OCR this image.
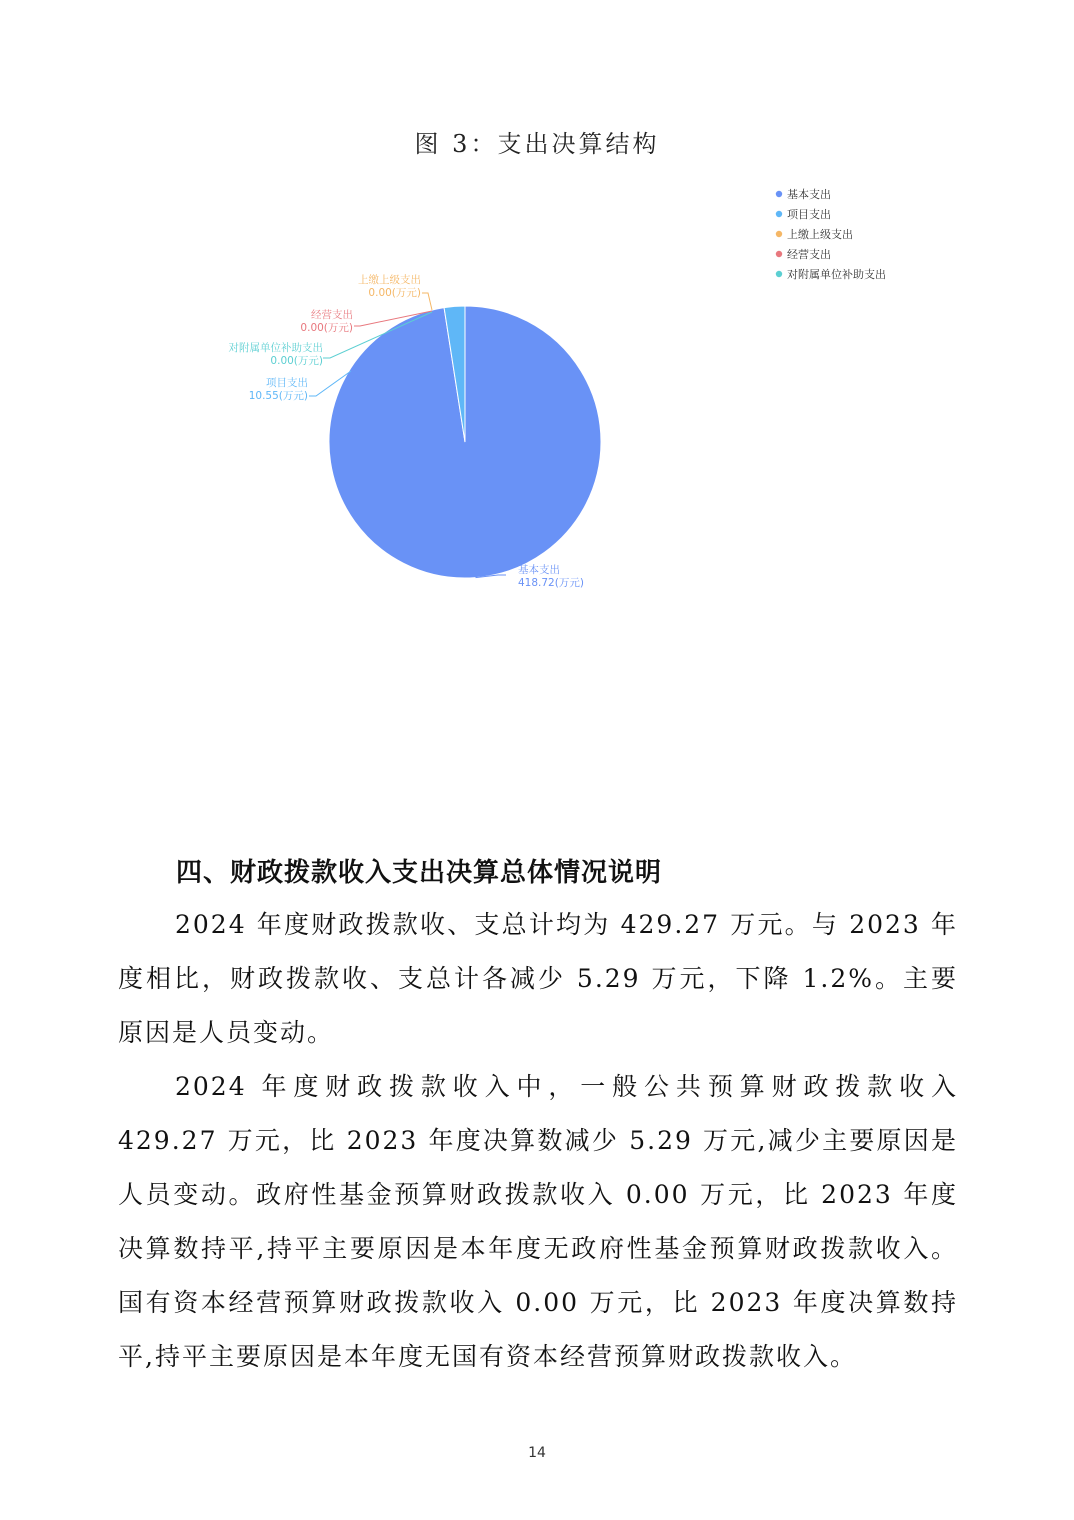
图 3：支出决算结构
基本支出
418.72(万元)
项目支出
10.55(万元)
上缴上级支出
0.00(万元)
经营支出
0.00(万元)
对附属单位补助支出
0.00(万元)
基本支出
项目支出
上缴上级支出
经营支出
对附属单位补助支出
四、财政拨款收入支出决算总体情况说明

2024 年度财政拨款收、支总计均为 429.27 万元。与 2023 年度相比，财政拨款收、支总计各减少 5.29 万元，下降 1.2%。主要原因是人员变动。

2024 年度财政拨款收入中，一般公共预算财政拨款收入 429.27 万元，比 2023 年度决算数减少 5.29 万元,减少主要原因是人员变动。政府性基金预算财政拨款收入 0.00 万元，比 2023 年度决算数持平,持平主要原因是本年度无政府性基金预算财政拨款收入。国有资本经营预算财政拨款收入 0.00 万元，比 2023 年度决算数持平,持平主要原因是本年度无国有资本经营预算财政拨款收入。

14
